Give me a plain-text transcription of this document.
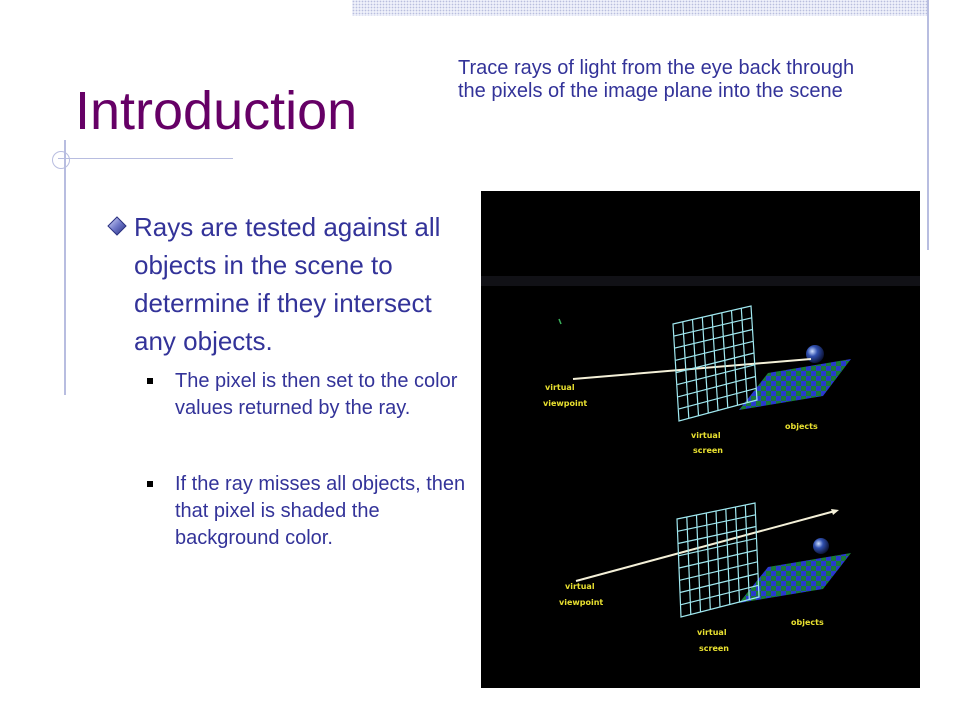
Introduction
Trace rays of light from the eye back through the pixels of the image plane into the scene
Rays are tested against all objects in the scene to determine if they intersect any objects.
The pixel is then set to the color values returned by the ray.
If the ray misses all objects, then that pixel is shaded the background color.
virtual
viewpoint
virtual
screen
objects
virtual
viewpoint
virtual
screen
objects
